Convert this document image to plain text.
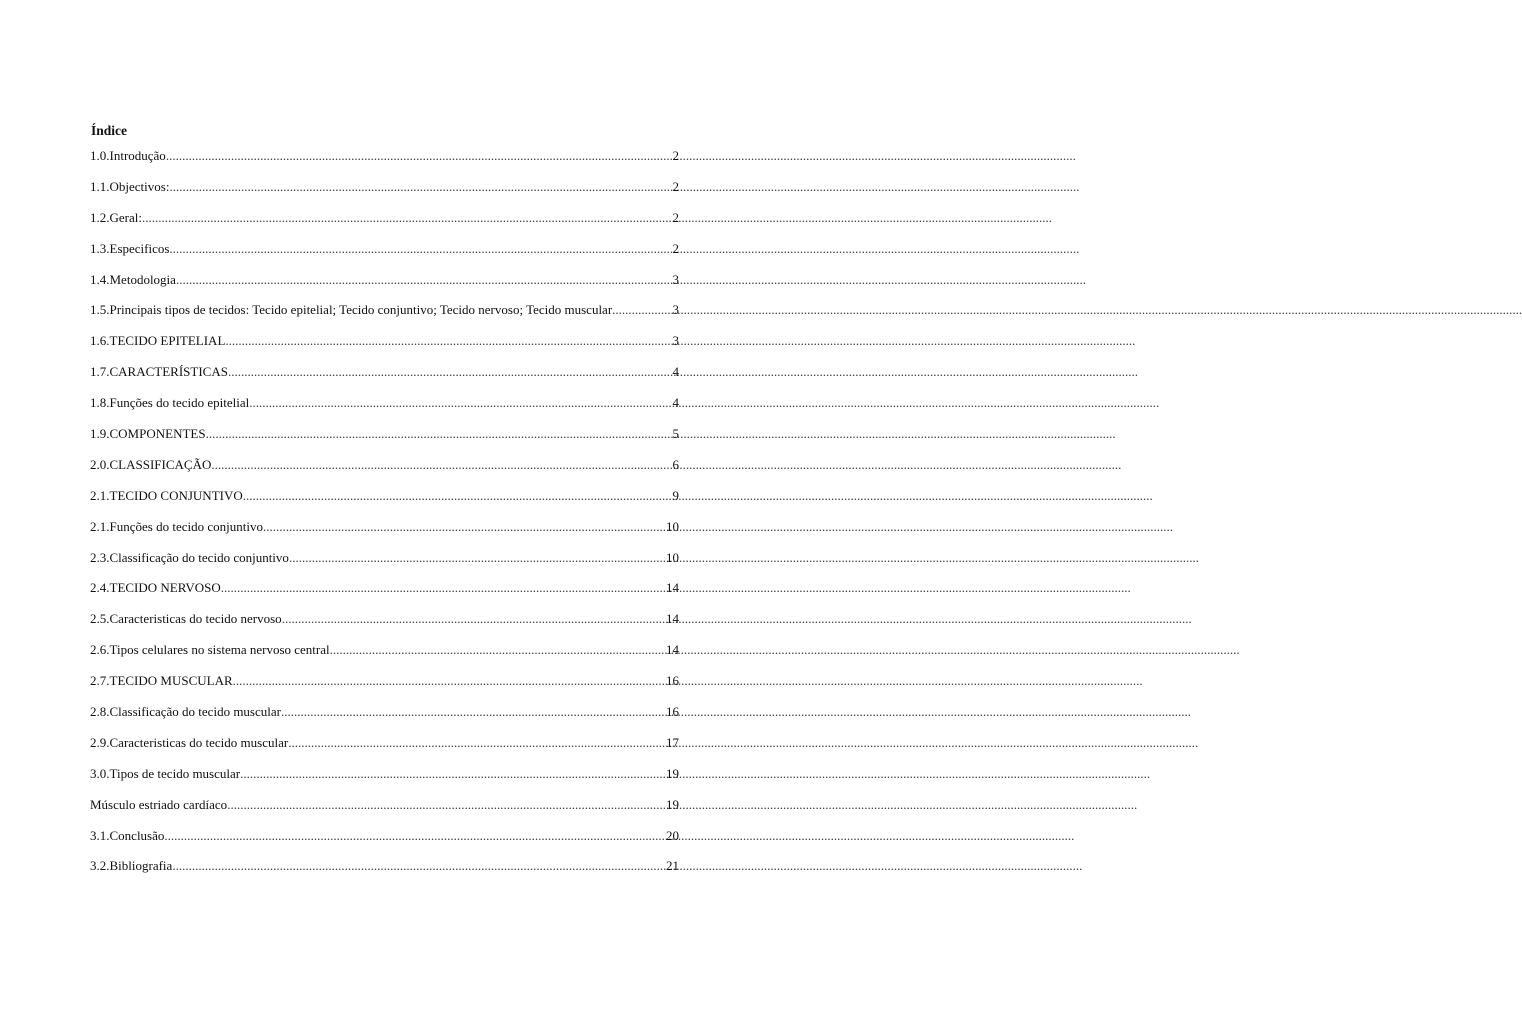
Índice
1.0.Introdução .....	2
1.1.Objectivos: .....	2
1.2.Geral: .....	2
1.3.Especificos .....	2
1.4.Metodologia .....	3
1.5.Principais tipos de tecidos: Tecido epitelial; Tecido conjuntivo; Tecido nervoso; Tecido muscular .....	3
1.6.TECIDO EPITELIAL .....	3
1.7.CARACTERÍSTICAS .....	4
1.8.Funções do tecido epitelial .....	4
1.9.COMPONENTES .....	5
2.0.CLASSIFICAÇÃO .....	6
2.1.TECIDO CONJUNTIVO .....	9
2.1.Funções do tecido conjuntivo .....	10
2.3.Classificação do tecido conjuntivo .....	10
2.4.TECIDO NERVOSO .....	14
2.5.Caracteristicas do tecido nervoso .....	14
2.6.Tipos celulares no sistema nervoso central .....	14
2.7.TECIDO MUSCULAR .....	16
2.8.Classificação do tecido muscular .....	16
2.9.Caracteristicas do tecido muscular .....	17
3.0.Tipos de tecido muscular .....	19
Músculo estriado cardíaco .....	19
3.1.Conclusão .....	20
3.2.Bibliografia .....	21
